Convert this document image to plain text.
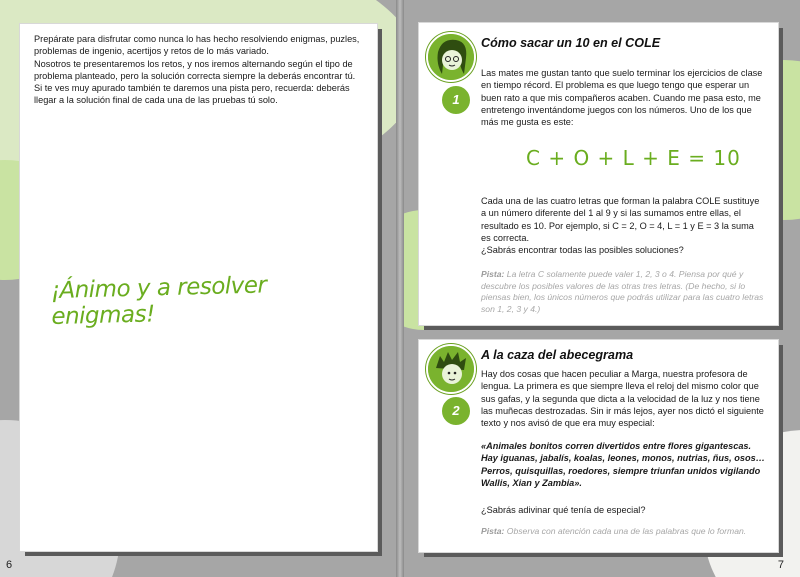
Prepárate para disfrutar como nunca lo has hecho resolviendo enigmas, puzles, problemas de ingenio, acertijos y retos de lo más variado.

Nosotros te presentaremos los retos, y nos iremos alternando según el tipo de problema planteado, pero la solución correcta siempre la deberás encontrar tú. Si te ves muy apurado también te daremos una pista pero, recuerda: deberás llegar a la solución final de cada una de las pruebas tú solo.

¡Ánimo y a resolver enigmas!
6
Cómo sacar un 10 en el COLE
Las mates me gustan tanto que suelo terminar los ejercicios de clase en tiempo récord. El problema es que luego tengo que esperar un buen rato a que mis compañeros acaben. Cuando me pasa esto, me entretengo inventándome juegos con los números. Uno de los que más me gusta es este:
C + O + L + E = 10

Cada una de las cuatro letras que forman la palabra COLE sustituye a un número diferente del 1 al 9 y si las sumamos entre ellas, el resultado es 10. Por ejemplo, si C = 2, O = 4, L = 1 y E = 3 la suma es correcta.

¿Sabrás encontrar todas las posibles soluciones?

Pista: La letra C solamente puede valer 1, 2, 3 o 4. Piensa por qué y descubre los posibles valores de las otras tres letras. (De hecho, si lo piensas bien, los únicos números que podrás utilizar para las cuatro letras son 1, 2, 3 y 4.)
1
A la caza del abecegrama
Hay dos cosas que hacen peculiar a Marga, nuestra profesora de lengua. La primera es que siempre lleva el reloj del mismo color que sus gafas, y la segunda que dicta a la velocidad de la luz y nos tiene las muñecas destrozadas. Sin ir más lejos, ayer nos dictó el siguiente texto y nos avisó de que era muy especial:
«Animales bonitos corren divertidos entre flores gigantescas. Hay iguanas, jabalís, koalas, leones, monos, nutrias, ñus, osos… Perros, quisquillas, roedores, siempre triunfan unidos vigilando Wallis, Xian y Zambia».
¿Sabrás adivinar qué tenía de especial?
Pista: Observa con atención cada una de las palabras que lo forman.
2
7
